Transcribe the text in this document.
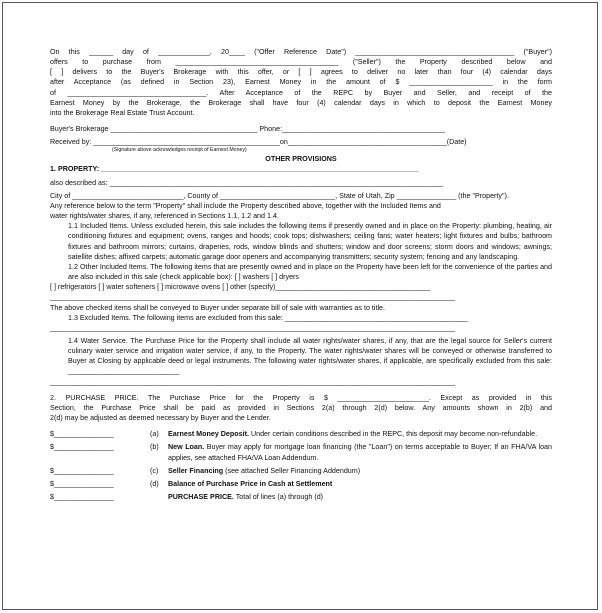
On this ______ day of _____________, 20____ ("Offer Reference Date") ________________________________________ ("Buyer")
offers to purchase from _________________________________________ ("Seller") the Property described below and
[ ] delivers to the Buyer's Brokerage with this offer, or [ ] agrees to deliver no later than four (4) calendar days
after Acceptance (as defined in Section 23), Earnest Money in the amount of $ _____________________ in the form
of ___________________________________. After Acceptance of the REPC by Buyer and Seller, and receipt of the
Earnest Money by the Brokerage, the Brokerage shall have four (4) calendar days in which to deposit the Earnest Money
into the Brokerage Real Estate Trust Account.
Buyer's Brokerage _____________________________________ Phone:_________________________________________
Received by: _______________________________________________on________________________________________(Date)
(Signature above acknowledges receipt of Earnest Money)
OTHER PROVISIONS
1. PROPERTY: ________________________________________________________________________________
also described as: ____________________________________________________________________________________
City of ____________________________, County of _____________________________, State of Utah, Zip _______________ (the "Property").
Any reference below to the term "Property" shall include the Property described above, together with the Included Items and
water rights/water shares, if any, referenced in Sections 1.1, 1.2 and 1.4.

1.1 Included Items. Unless excluded herein, this sale includes the following items if presently owned and in place on the Property: plumbing, heating, air conditioning fixtures and equipment; ovens, ranges and hoods; cook tops; dishwashers; ceiling fans; water heaters; light fixtures and bulbs; bathroom fixtures and bathroom mirrors; curtains, draperies, rods, window blinds and shutters; window and door screens; storm doors and windows; awnings; satellite dishes; affixed carpets; automatic garage door openers and accompanying transmitters; security system; fencing and any landscaping.

1.2 Other Included Items. The following items that are presently owned and in place on the Property have been left for the convenience of the parties and are also included in this sale (check applicable box): [ ] washers [ ] dryers

[ ] refrigerators [ ] water softeners [ ] microwave ovens [ ] other (specify)_______________________________________
______________________________________________________________________________________________________
The above checked items shall be conveyed to Buyer under separate bill of sale with warranties as to title.
1.3 Excluded Items. The following items are excluded from this sale: ______________________________________________
______________________________________________________________________________________________________

1.4 Water Service. The Purchase Price for the Property shall include all water rights/water shares, if any, that are the legal source for Seller's current culinary water service and irrigation water service, if any, to the Property. The water rights/water shares will be conveyed or otherwise transferred to Buyer at Closing by applicable deed or legal instruments. The following water rights/water shares, if applicable, are specifically excluded from this sale: ____________________________

______________________________________________________________________________________________________
2. PURCHASE PRICE. The Purchase Price for the Property is $ _______________________. Except as provided in this
Section, the Purchase Price shall be paid as provided in Sections 2(a) through 2(d) below. Any amounts shown in 2(b) and
2(d) may be adjusted as deemed necessary by Buyer and the Lender.
$_______________	(a)	Earnest Money Deposit. Under certain conditions described in the REPC, this deposit may become non-refundable.
$_______________	(b)	New Loan. Buyer may apply for mortgage loan financing (the "Loan") on terms acceptable to Buyer; If an FHA/VA loan applies, see attached FHA/VA Loan Addendum.
$_______________	(c)	Seller Financing (see attached Seller Financing Addendum)
$_______________	(d)	Balance of Purchase Price in Cash at Settlement
$_______________	PURCHASE PRICE. Total of lines (a) through (d)
